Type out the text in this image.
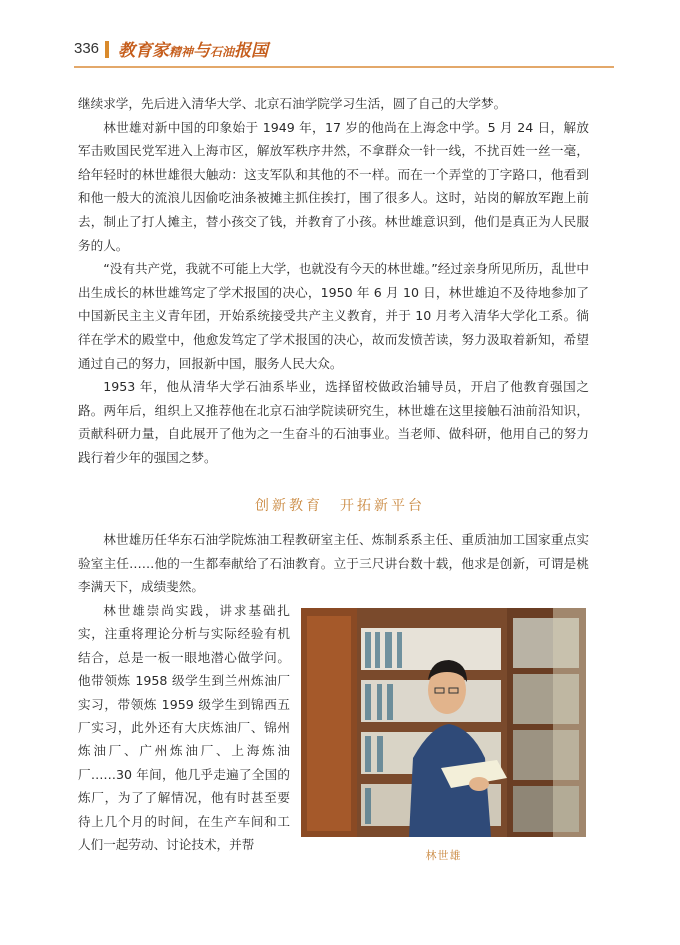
336 教育家精神与石油报国

继续求学，先后进入清华大学、北京石油学院学习生活，圆了自己的大学梦。

林世雄对新中国的印象始于 1949 年，17 岁的他尚在上海念中学。5 月 24 日，解放军击败国民党军进入上海市区，解放军秩序井然，不拿群众一针一线，不扰百姓一丝一毫，给年轻时的林世雄很大触动：这支军队和其他的不一样。而在一个弄堂的丁字路口，他看到和他一般大的流浪儿因偷吃油条被摊主抓住挨打，围了很多人。这时，站岗的解放军跑上前去，制止了打人摊主，替小孩交了钱，并教育了小孩。林世雄意识到，他们是真正为人民服务的人。

“没有共产党，我就不可能上大学，也就没有今天的林世雄。”经过亲身所见所历，乱世中出生成长的林世雄笃定了学术报国的决心，1950 年 6 月 10 日，林世雄迫不及待地参加了中国新民主主义青年团，开始系统接受共产主义教育，并于 10 月考入清华大学化工系。徜徉在学术的殿堂中，他愈发笃定了学术报国的决心，故而发愤苦读，努力汲取着新知，希望通过自己的努力，回报新中国，服务人民大众。

1953 年，他从清华大学石油系毕业，选择留校做政治辅导员，开启了他教育强国之路。两年后，组织上又推荐他在北京石油学院读研究生，林世雄在这里接触石油前沿知识，贡献科研力量，自此展开了他为之一生奋斗的石油事业。当老师、做科研，他用自己的努力践行着少年的强国之梦。

创新教育　开拓新平台

林世雄历任华东石油学院炼油工程教研室主任、炼制系系主任、重质油加工国家重点实验室主任……他的一生都奉献给了石油教育。立于三尺讲台数十载，他求是创新，可谓是桃李满天下，成绩斐然。

林世雄崇尚实践，讲求基础扎实，注重将理论分析与实际经验有机结合，总是一板一眼地潜心做学问。他带领炼 1958 级学生到兰州炼油厂实习，带领炼 1959 级学生到锦西五厂实习，此外还有大庆炼油厂、锦州炼油厂、广州炼油厂、上海炼油厂……30 年间，他几乎走遍了全国的炼厂，为了了解情况，他有时甚至要待上几个月的时间，在生产车间和工人们一起劳动、讨论技术，并帮

林世雄
